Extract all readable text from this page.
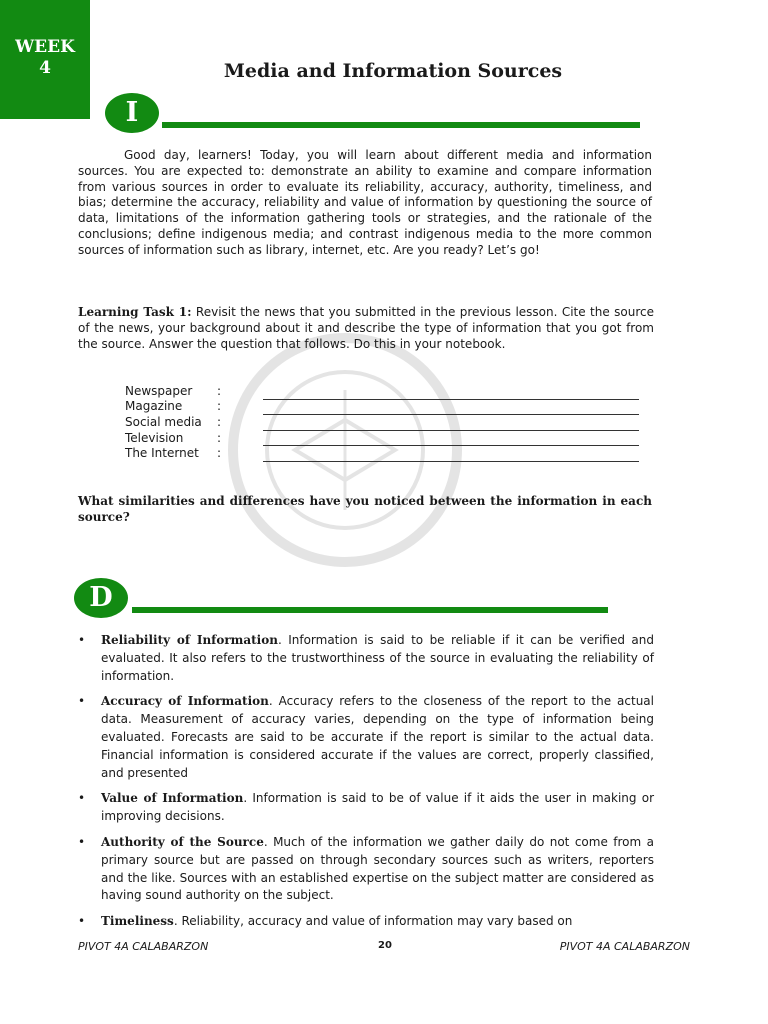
WEEK
4	Media and Information Sources
I
Good day, learners! Today, you will learn about different media and information sources. You are expected to: demonstrate an ability to examine and compare information from various sources in order to evaluate its reliability, accuracy, authority, timeliness, and bias; determine the accuracy, reliability and value of information by questioning the source of data, limitations of the information gathering tools or strategies, and the rationale of the conclusions; define indigenous media; and contrast indigenous media to the more common sources of information such as library, internet, etc. Are you ready? Let’s go!
Learning Task 1: Revisit the news that you submitted in the previous lesson. Cite the source of the news, your background about it and describe the type of information that you got from the source. Answer the question that follows. Do this in your notebook.
Newspaper	:
Magazine	:
Social media	:
Television	:
The Internet	:
What similarities and differences have you noticed between the information in each source?
D
•	Reliability of Information. Information is said to be reliable if it can be verified and evaluated. It also refers to the trustworthiness of the source in evaluating the reliability of information.
•	Accuracy of Information. Accuracy refers to the closeness of the report to the actual data. Measurement of accuracy varies, depending on the type of information being evaluated. Forecasts are said to be accurate if the report is similar to the actual data. Financial information is considered accurate if the values are correct, properly classified, and presented
•	Value of Information. Information is said to be of value if it aids the user in making or improving decisions.
•	Authority of the Source. Much of the information we gather daily do not come from a primary source but are passed on through secondary sources such as writers, reporters and the like. Sources with an established expertise on the subject matter are considered as having sound authority on the subject.
•	Timeliness. Reliability, accuracy and value of information may vary based on
PIVOT 4A CALABARZON	20	PIVOT 4A CALABARZON
